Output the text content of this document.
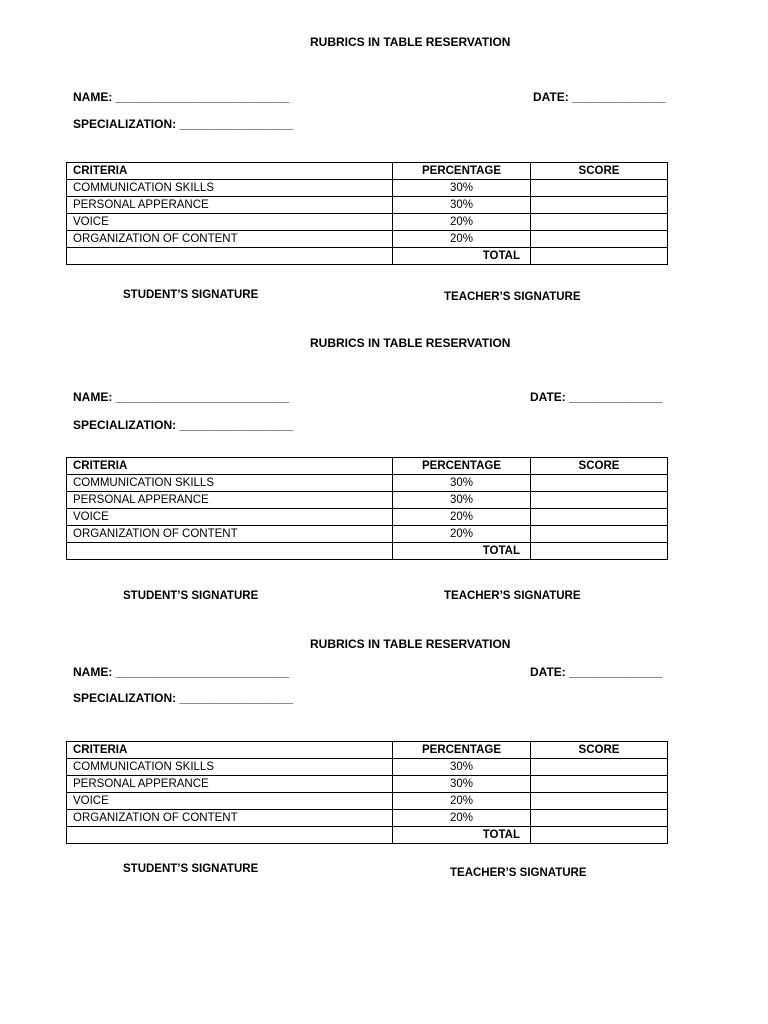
RUBRICS IN TABLE RESERVATION
NAME: __________________________	DATE: ______________
SPECIALIZATION: _________________
CRITERIA	PERCENTAGE	SCORE
COMMUNICATION SKILLS	30%	
PERSONAL APPERANCE	30%	
VOICE	20%	
ORGANIZATION OF CONTENT	20%	
	TOTAL	
STUDENT’S SIGNATURE	TEACHER’S SIGNATURE
RUBRICS IN TABLE RESERVATION
NAME: __________________________	DATE: ______________
SPECIALIZATION: _________________
CRITERIA	PERCENTAGE	SCORE
COMMUNICATION SKILLS	30%	
PERSONAL APPERANCE	30%	
VOICE	20%	
ORGANIZATION OF CONTENT	20%	
	TOTAL	
STUDENT’S SIGNATURE	TEACHER’S SIGNATURE
RUBRICS IN TABLE RESERVATION
NAME: __________________________	DATE: ______________
SPECIALIZATION: _________________
CRITERIA	PERCENTAGE	SCORE
COMMUNICATION SKILLS	30%	
PERSONAL APPERANCE	30%	
VOICE	20%	
ORGANIZATION OF CONTENT	20%	
	TOTAL	
STUDENT’S SIGNATURE	TEACHER’S SIGNATURE
